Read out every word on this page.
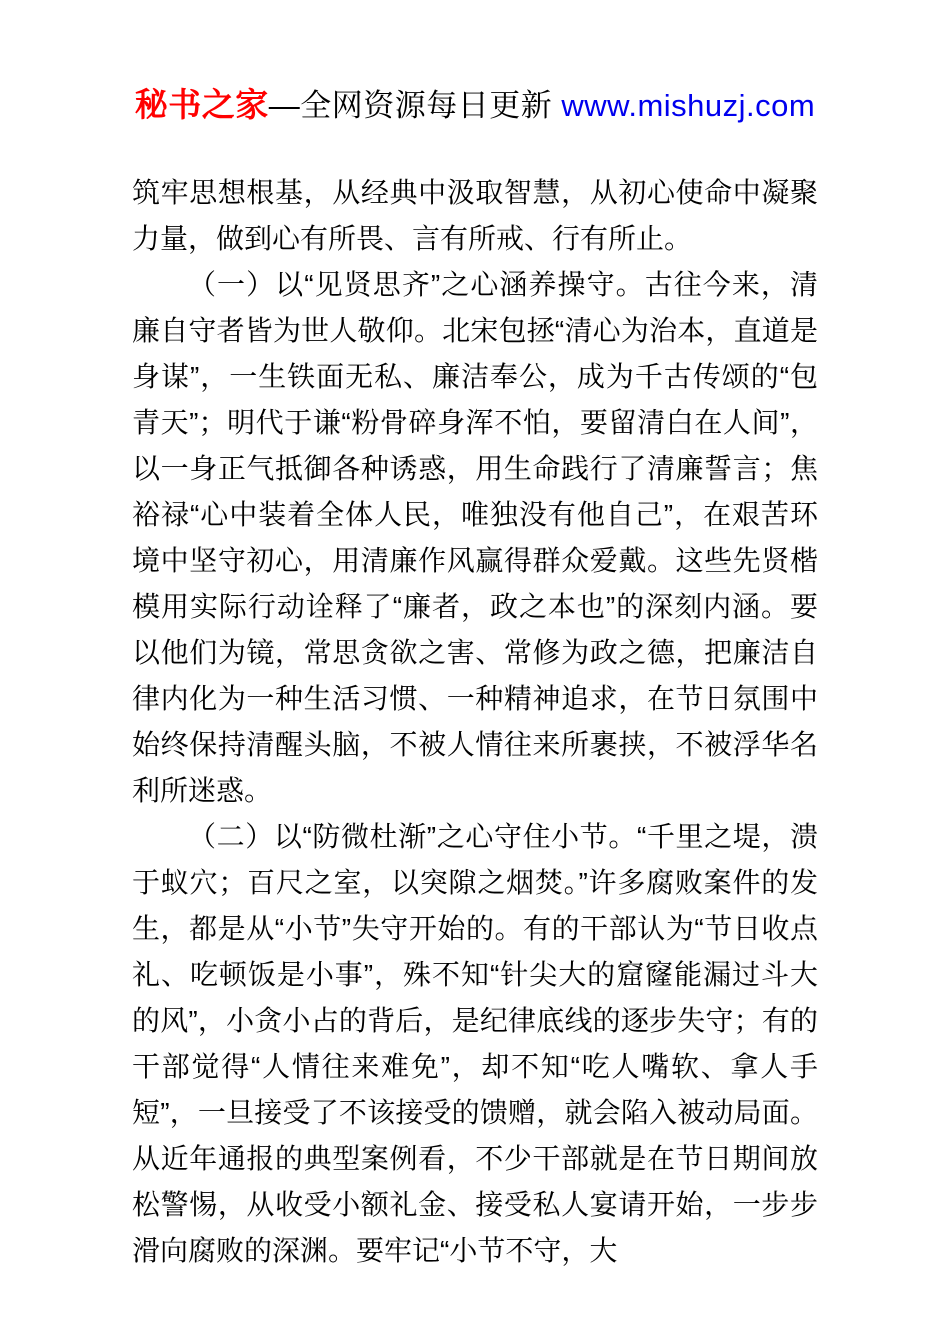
秘书之家—全网资源每日更新 www.mishuzj.com

筑牢思想根基，从经典中汲取智慧，从初心使命中凝聚力量，做到心有所畏、言有所戒、行有所止。

（一）以“见贤思齐”之心涵养操守。古往今来，清廉自守者皆为世人敬仰。北宋包拯“清心为治本，直道是身谋”，一生铁面无私、廉洁奉公，成为千古传颂的“包青天”；明代于谦“粉骨碎身浑不怕，要留清白在人间”，以一身正气抵御各种诱惑，用生命践行了清廉誓言；焦裕禄“心中装着全体人民，唯独没有他自己”，在艰苦环境中坚守初心，用清廉作风赢得群众爱戴。这些先贤楷模用实际行动诠释了“廉者，政之本也”的深刻内涵。要以他们为镜，常思贪欲之害、常修为政之德，把廉洁自律内化为一种生活习惯、一种精神追求，在节日氛围中始终保持清醒头脑，不被人情往来所裹挟，不被浮华名利所迷惑。

（二）以“防微杜渐”之心守住小节。“千里之堤，溃于蚁穴；百尺之室，以突隙之烟焚。”许多腐败案件的发生，都是从“小节”失守开始的。有的干部认为“节日收点礼、吃顿饭是小事”，殊不知“针尖大的窟窿能漏过斗大的风”，小贪小占的背后，是纪律底线的逐步失守；有的干部觉得“人情往来难免”，却不知“吃人嘴软、拿人手短”，一旦接受了不该接受的馈赠，就会陷入被动局面。从近年通报的典型案例看，不少干部就是在节日期间放松警惕，从收受小额礼金、接受私人宴请开始，一步步滑向腐败的深渊。要牢记“小节不守，大
